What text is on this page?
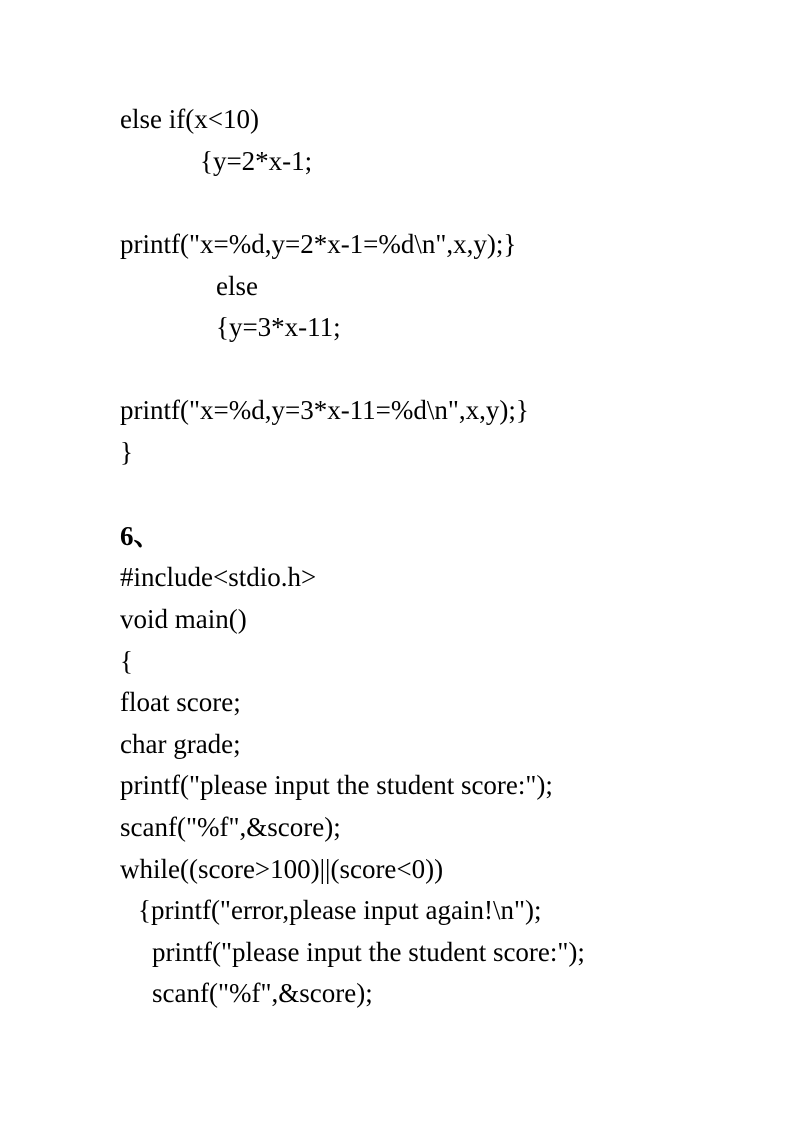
else if(x<10)
{y=2*x-1;
printf("x=%d,y=2*x-1=%d\n",x,y);}
else
{y=3*x-11;
printf("x=%d,y=3*x-11=%d\n",x,y);}
}
6、
#include<stdio.h>
void main()
{
float score;
char grade;
printf("please input the student score:");
scanf("%f",&score);
while((score>100)||(score<0))
{printf("error,please input again!\n");
printf("please input the student score:");
scanf("%f",&score);
